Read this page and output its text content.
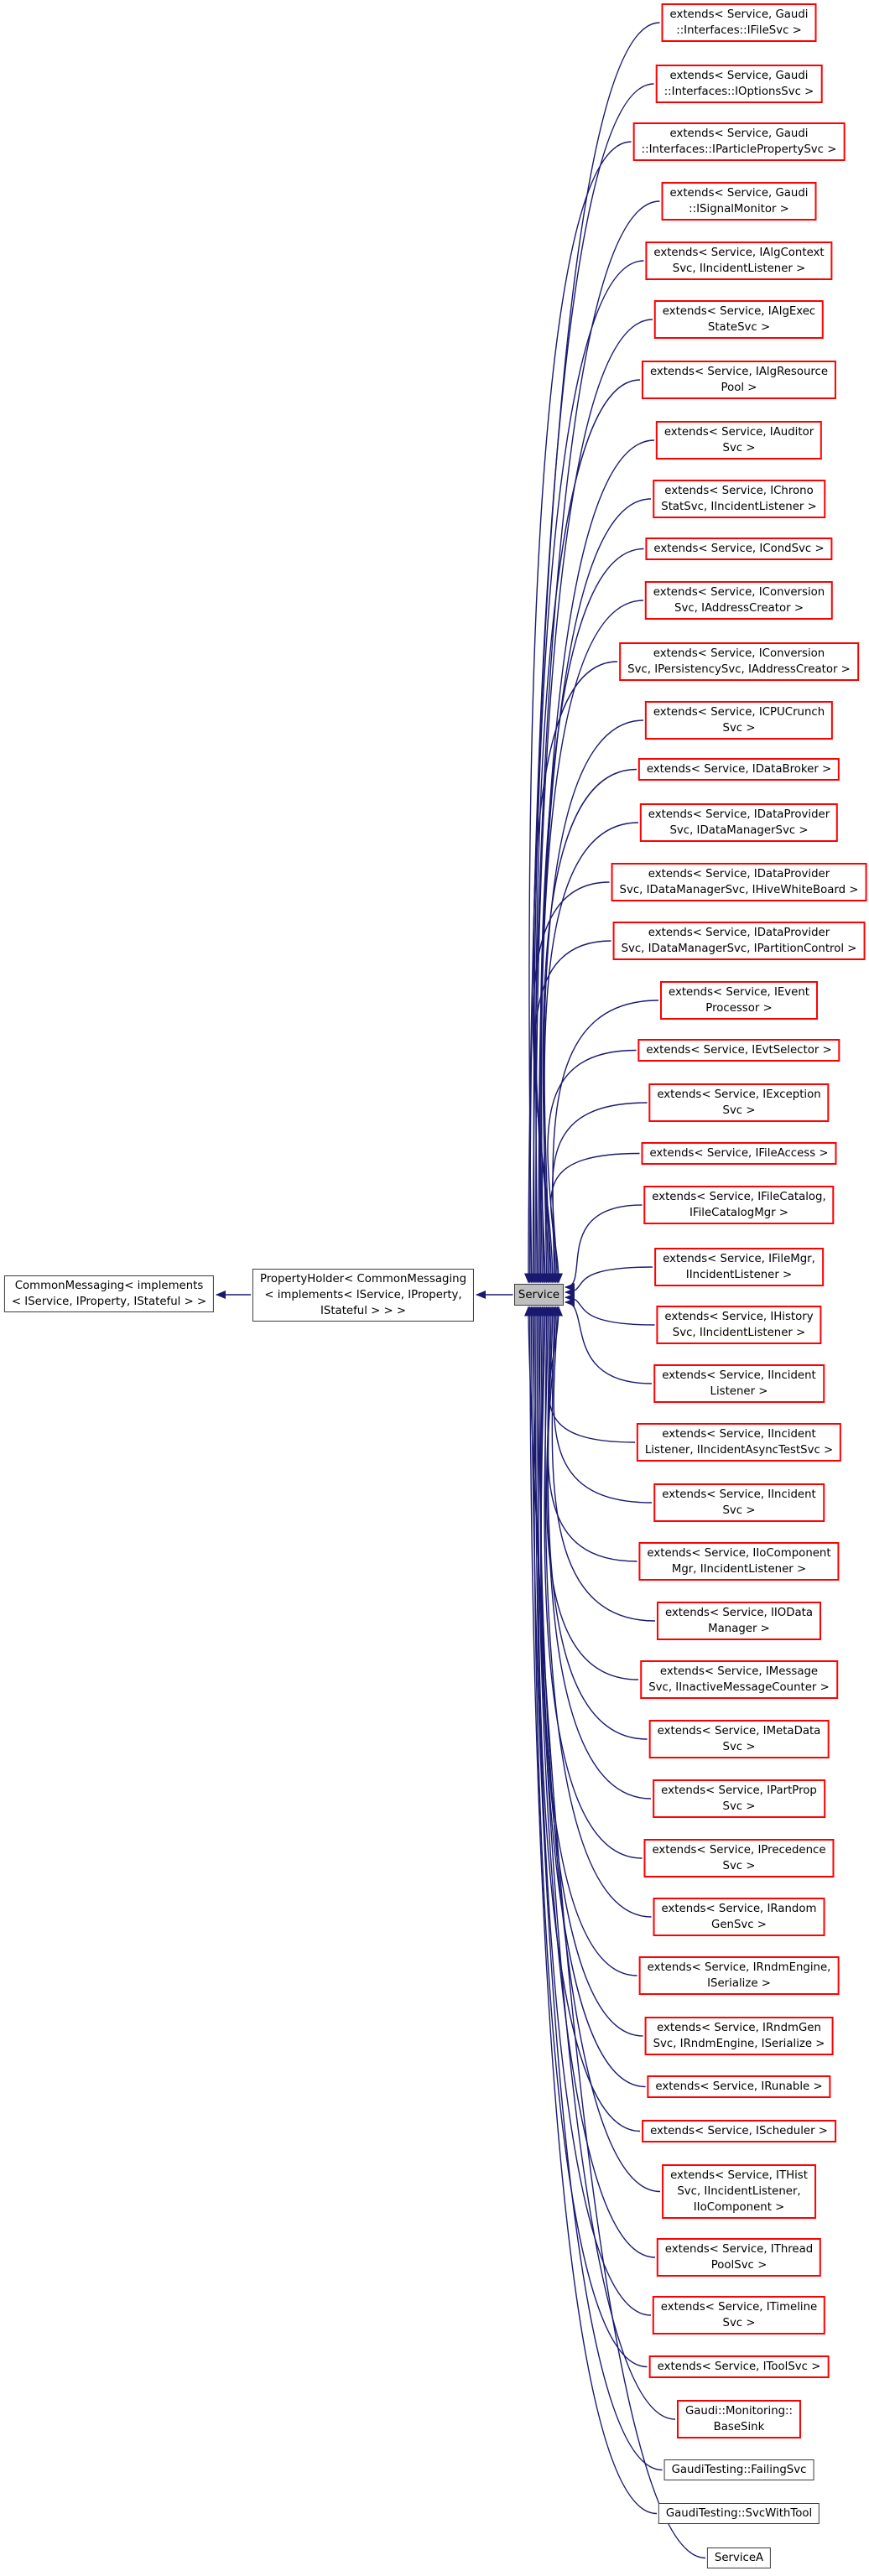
CommonMessaging< implements
< IService, IProperty, IStateful > >
PropertyHolder< CommonMessaging
< implements< IService, IProperty,
IStateful > > >
Service
extends< Service, Gaudi
::Interfaces::IFileSvc >
extends< Service, Gaudi
::Interfaces::IOptionsSvc >
extends< Service, Gaudi
::Interfaces::IParticlePropertySvc >
extends< Service, Gaudi
::ISignalMonitor >
extends< Service, IAlgContext
Svc, IIncidentListener >
extends< Service, IAlgExec
StateSvc >
extends< Service, IAlgResource
Pool >
extends< Service, IAuditor
Svc >
extends< Service, IChrono
StatSvc, IIncidentListener >
extends< Service, ICondSvc >
extends< Service, IConversion
Svc, IAddressCreator >
extends< Service, IConversion
Svc, IPersistencySvc, IAddressCreator >
extends< Service, ICPUCrunch
Svc >
extends< Service, IDataBroker >
extends< Service, IDataProvider
Svc, IDataManagerSvc >
extends< Service, IDataProvider
Svc, IDataManagerSvc, IHiveWhiteBoard >
extends< Service, IDataProvider
Svc, IDataManagerSvc, IPartitionControl >
extends< Service, IEvent
Processor >
extends< Service, IEvtSelector >
extends< Service, IException
Svc >
extends< Service, IFileAccess >
extends< Service, IFileCatalog,
IFileCatalogMgr >
extends< Service, IFileMgr,
IIncidentListener >
extends< Service, IHistory
Svc, IIncidentListener >
extends< Service, IIncident
Listener >
extends< Service, IIncident
Listener, IIncidentAsyncTestSvc >
extends< Service, IIncident
Svc >
extends< Service, IIoComponent
Mgr, IIncidentListener >
extends< Service, IIOData
Manager >
extends< Service, IMessage
Svc, IInactiveMessageCounter >
extends< Service, IMetaData
Svc >
extends< Service, IPartProp
Svc >
extends< Service, IPrecedence
Svc >
extends< Service, IRandom
GenSvc >
extends< Service, IRndmEngine,
ISerialize >
extends< Service, IRndmGen
Svc, IRndmEngine, ISerialize >
extends< Service, IRunable >
extends< Service, IScheduler >
extends< Service, ITHist
Svc, IIncidentListener,
IIoComponent >
extends< Service, IThread
PoolSvc >
extends< Service, ITimeline
Svc >
extends< Service, IToolSvc >
Gaudi::Monitoring::
BaseSink
GaudiTesting::FailingSvc
GaudiTesting::SvcWithTool
ServiceA
